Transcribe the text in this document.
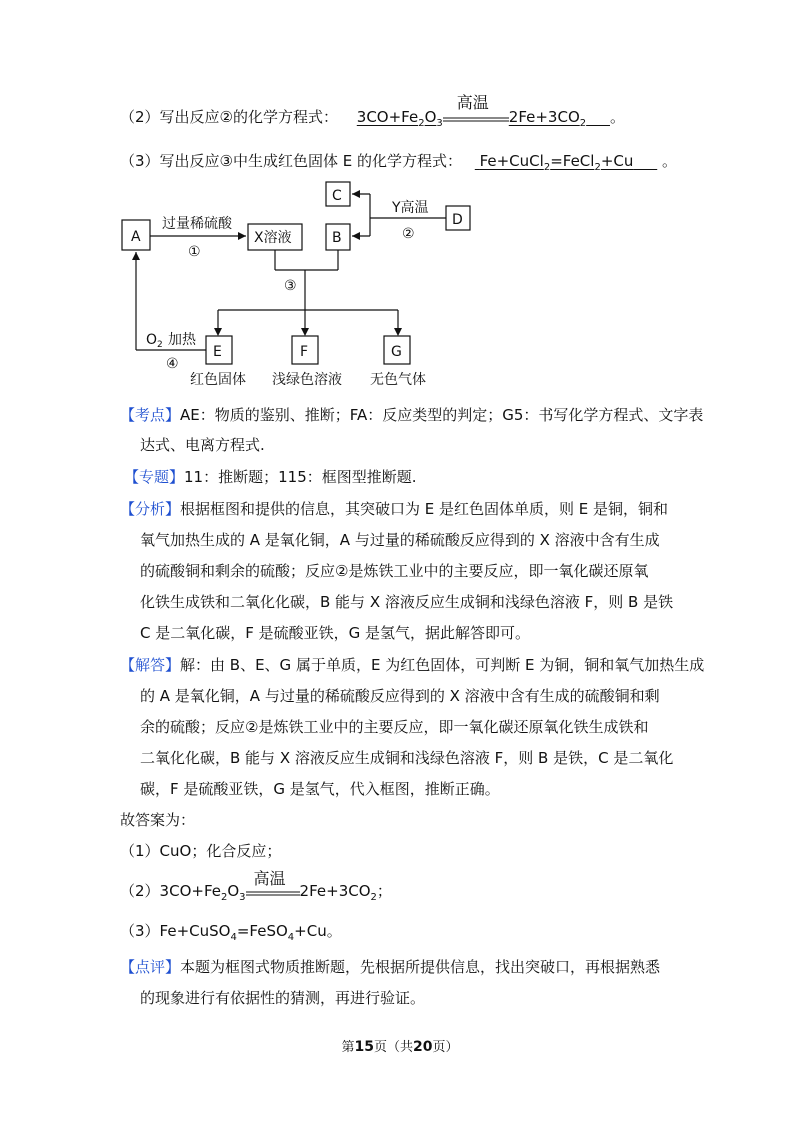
（2）写出反应②的化学方程式： $3CO+Fe_2O_3$
高温
$2Fe+3CO_2$ 。
（3）写出反应③中生成红色固体 E 的化学方程式： Fe+CuCl$_2$=FeCl$_2$+Cu 。
A	X溶液	B
C
D
E	F	G
过量稀硫酸
①
Y高温
②
③
$O_2$ 加热
④
红色固体 浅绿色溶液 无色气体
【考点】AE：物质的鉴别、推断；FA：反应类型的判定；G5：书写化学方程式、文字表
达式、电离方程式.
【专题】11：推断题；115：框图型推断题.
【分析】根据框图和提供的信息，其突破口为 E 是红色固体单质，则 E 是铜，铜和
氧气加热生成的 A 是氧化铜，A 与过量的稀硫酸反应得到的 X 溶液中含有生成
的硫酸铜和剩余的硫酸；反应②是炼铁工业中的主要反应，即一氧化碳还原氧
化铁生成铁和二氧化化碳，B 能与 X 溶液反应生成铜和浅绿色溶液 F，则 B 是铁
C 是二氧化碳，F 是硫酸亚铁，G 是氢气，据此解答即可。
【解答】解：由 B、E、G 属于单质，E 为红色固体，可判断 E 为铜，铜和氧气加热生成
的 A 是氧化铜，A 与过量的稀硫酸反应得到的 X 溶液中含有生成的硫酸铜和剩
余的硫酸；反应②是炼铁工业中的主要反应，即一氧化碳还原氧化铁生成铁和
二氧化化碳，B 能与 X 溶液反应生成铜和浅绿色溶液 F，则 B 是铁，C 是二氧化
碳，F 是硫酸亚铁，G 是氢气，代入框图，推断正确。
故答案为：
（1）CuO；化合反应；
$(2)3CO+Fe_2O_3$
高温
$2Fe+3CO_2$；
（3）Fe+CuSO$_4$=FeSO$_4$+Cu。
【点评】本题为框图式物质推断题，先根据所提供信息，找出突破口，再根据熟悉
的现象进行有依据性的猜测，再进行验证。
第15页（共20页）
